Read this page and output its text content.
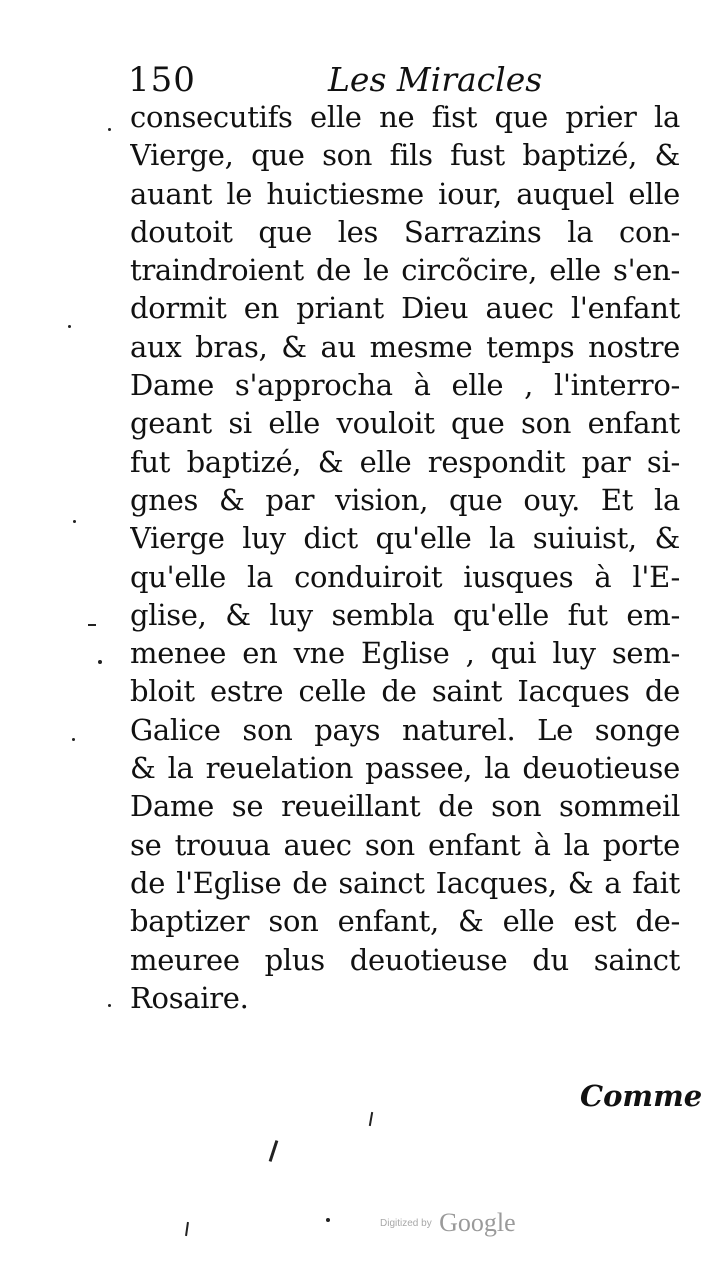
150	Les Miracles
consecutifs elle ne fist que prier la
Vierge, que son fils fust baptizé, &
auant le huictiesme iour, auquel elle
doutoit que les Sarrazins la con-
traindroient de le circõcire, elle s'en-
dormit en priant Dieu auec l'enfant
aux bras, & au mesme temps nostre
Dame s'approcha à elle , l'interro-
geant si elle vouloit que son enfant
fut baptizé, & elle respondit par si-
gnes & par vision, que ouy. Et la
Vierge luy dict qu'elle la suiuist, &
qu'elle la conduiroit iusques à l'E-
glise, & luy sembla qu'elle fut em-
menee en vne Eglise , qui luy sem-
bloit estre celle de saint Iacques de
Galice son pays naturel. Le songe
& la reuelation passee, la deuotieuse
Dame se reueillant de son sommeil
se trouua auec son enfant à la porte
de l'Eglise de sainct Iacques, & a fait
baptizer son enfant, & elle est de-
meuree plus deuotieuse du sainct
Rosaire.
Comme
Digitized by Google
